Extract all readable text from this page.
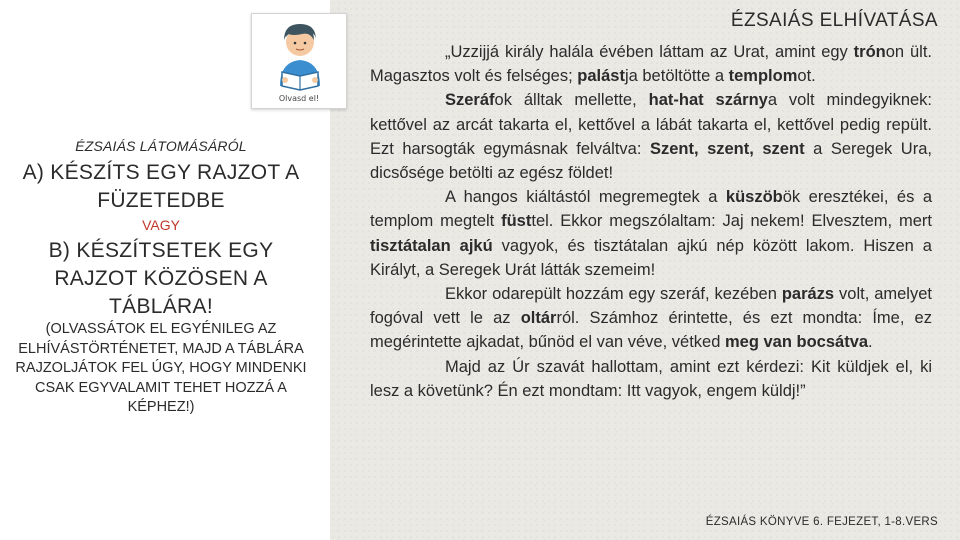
Olvasd el!
ÉZSAIÁS LÁTOMÁSÁRÓL
A) KÉSZÍTS EGY RAJZOT A FÜZETEDBE
VAGY
B) KÉSZÍTSETEK EGY RAJZOT KÖZÖSEN A TÁBLÁRA!
(OLVASSÁTOK EL EGYÉNILEG AZ ELHÍVÁSTÖRTÉNETET, MAJD A TÁBLÁRA RAJZOLJÁTOK FEL ÚGY, HOGY MINDENKI CSAK EGYVALAMIT TEHET HOZZÁ A KÉPHEZ!)
ÉZSAIÁS ELHÍVATÁSA

„Uzzijjá király halála évében láttam az Urat, amint egy trónon ült. Magasztos volt és felséges; palástja betöltötte a templomot.

Szeráfok álltak mellette, hat-hat szárnya volt mindegyiknek: kettővel az arcát takarta el, kettővel a lábát takarta el, kettővel pedig repült. Ezt harsogták egymásnak felváltva: Szent, szent, szent a Seregek Ura, dicsősége betölti az egész földet!

A hangos kiáltástól megremegtek a küszöbök eresztékei, és a templom megtelt füsttel. Ekkor megszólaltam: Jaj nekem! Elvesztem, mert tisztátalan ajkú vagyok, és tisztátalan ajkú nép között lakom. Hiszen a Királyt, a Seregek Urát látták szemeim!

Ekkor odarepült hozzám egy szeráf, kezében parázs volt, amelyet fogóval vett le az oltárról. Számhoz érintette, és ezt mondta: Íme, ez megérintette ajkadat, bűnöd el van véve, vétked meg van bocsátva.

Majd az Úr szavát hallottam, amint ezt kérdezi: Kit küldjek el, ki lesz a követünk? Én ezt mondtam: Itt vagyok, engem küldj!”

ÉZSAIÁS KÖNYVE 6. FEJEZET, 1-8.VERS
